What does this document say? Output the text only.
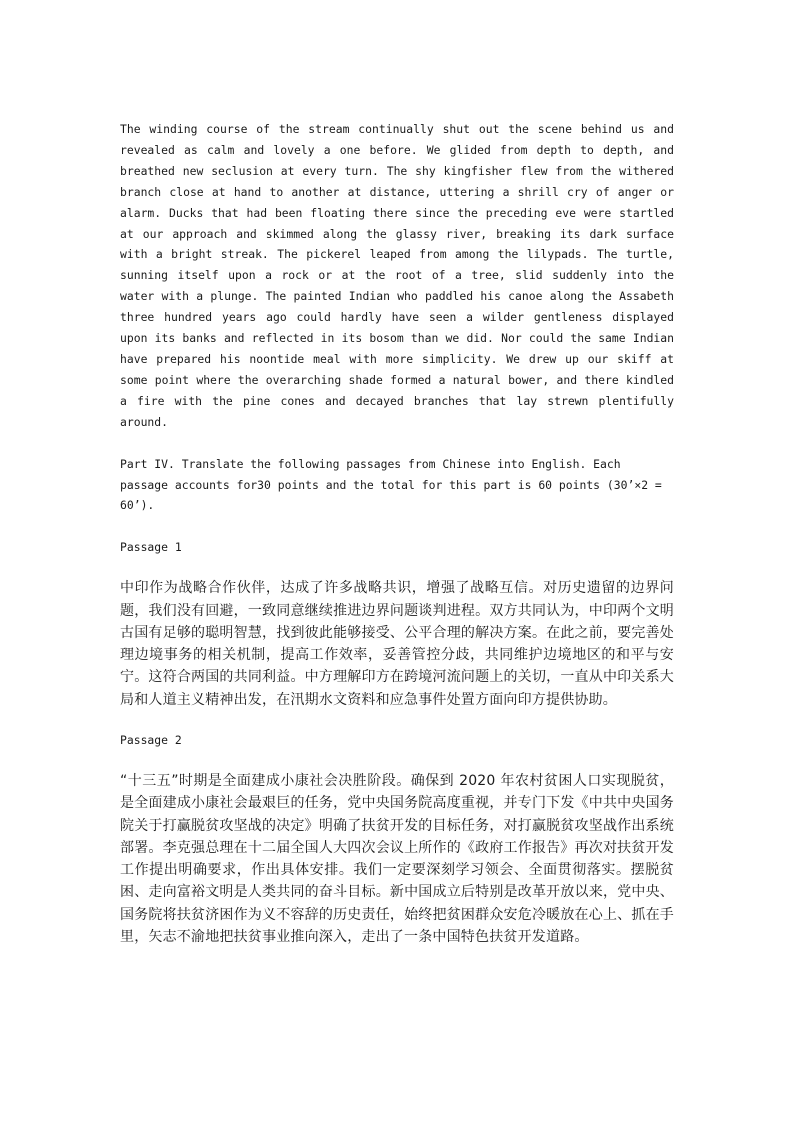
The winding course of the stream continually shut out the scene behind us and revealed as calm and lovely a one before. We glided from depth to depth, and breathed new seclusion at every turn. The shy kingfisher flew from the withered branch close at hand to another at distance, uttering a shrill cry of anger or alarm. Ducks that had been floating there since the preceding eve were startled at our approach and skimmed along the glassy river, breaking its dark surface with a bright streak. The pickerel leaped from among the lilypads. The turtle, sunning itself upon a rock or at the root of a tree, slid suddenly into the water with a plunge. The painted Indian who paddled his canoe along the Assabeth three hundred years ago could hardly have seen a wilder gentleness displayed upon its banks and reflected in its bosom than we did. Nor could the same Indian have prepared his noontide meal with more simplicity. We drew up our skiff at some point where the overarching shade formed a natural bower, and there kindled a fire with the pine cones and decayed branches that lay strewn plentifully around.

Part IV. Translate the following passages from Chinese into English. Each passage accounts for30 points and the total for this part is 60 points (30’×2 = 60’).

Passage 1

中印作为战略合作伙伴，达成了许多战略共识，增强了战略互信。对历史遗留的边界问题，我们没有回避，一致同意继续推进边界问题谈判进程。双方共同认为，中印两个文明古国有足够的聪明智慧，找到彼此能够接受、公平合理的解决方案。在此之前，要完善处理边境事务的相关机制，提高工作效率，妥善管控分歧，共同维护边境地区的和平与安宁。这符合两国的共同利益。中方理解印方在跨境河流问题上的关切，一直从中印关系大局和人道主义精神出发，在汛期水文资料和应急事件处置方面向印方提供协助。

Passage 2

“十三五”时期是全面建成小康社会决胜阶段。确保到 2020 年农村贫困人口实现脱贫，是全面建成小康社会最艰巨的任务，党中央国务院高度重视，并专门下发《中共中央国务院关于打赢脱贫攻坚战的决定》明确了扶贫开发的目标任务，对打赢脱贫攻坚战作出系统部署。李克强总理在十二届全国人大四次会议上所作的《政府工作报告》再次对扶贫开发工作提出明确要求，作出具体安排。我们一定要深刻学习领会、全面贯彻落实。摆脱贫困、走向富裕文明是人类共同的奋斗目标。新中国成立后特别是改革开放以来，党中央、国务院将扶贫济困作为义不容辞的历史责任，始终把贫困群众安危冷暖放在心上、抓在手里，矢志不渝地把扶贫事业推向深入，走出了一条中国特色扶贫开发道路。
